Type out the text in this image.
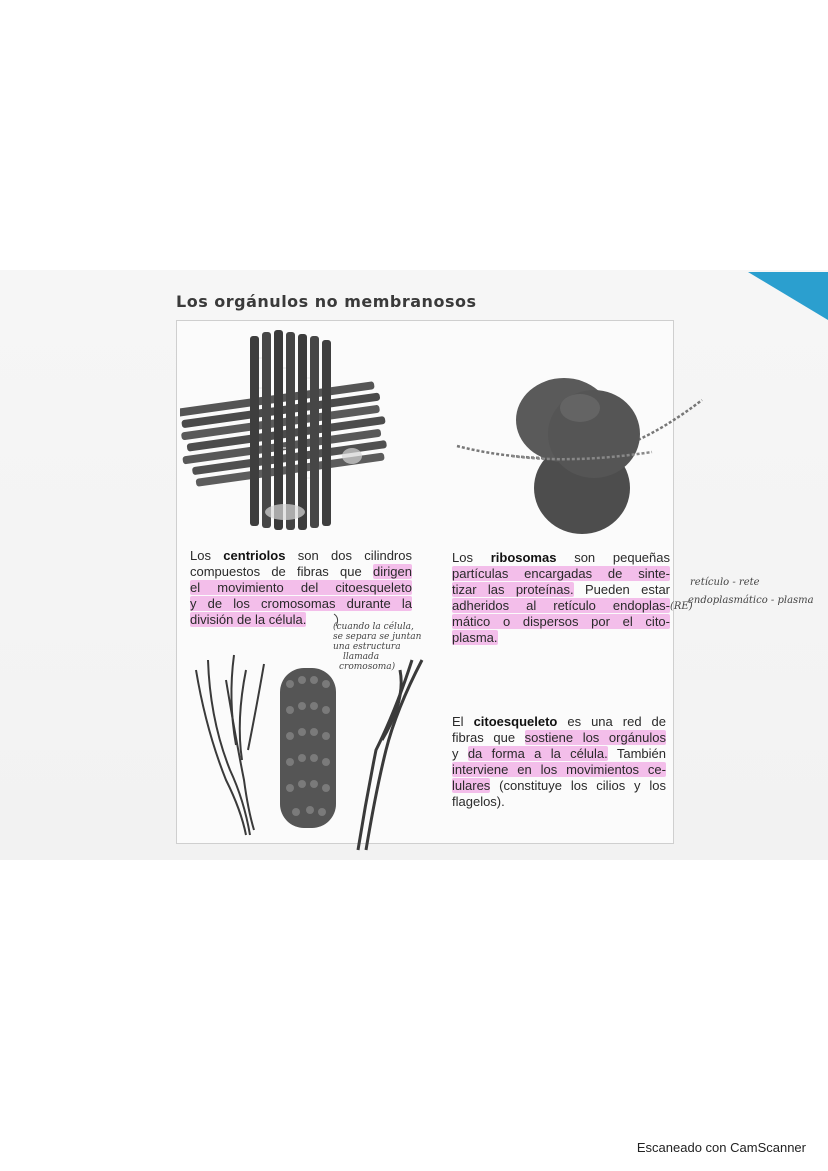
Los orgánulos no membranosos
Los centriolos son dos cilindros
compuestos de fibras que dirigen
el movimiento del citoesqueleto
y de los cromosomas durante la
división de la célula.
Los ribosomas son pequeñas
partículas encargadas de sinte-
tizar las proteínas. Pueden estar
adheridos al retículo endoplas-
mático o dispersos por el cito-
plasma.
El citoesqueleto es una red de
fibras que sostiene los orgánulos
y da forma a la célula. También
interviene en los movimientos ce-
lulares (constituye los cilios y los
flagelos).
retículo - rete
endoplasmático - plasma
(RE)
(cuando la célula,
se separa se juntan
una estructura
llamada
cromosoma)
Escaneado con CamScanner
